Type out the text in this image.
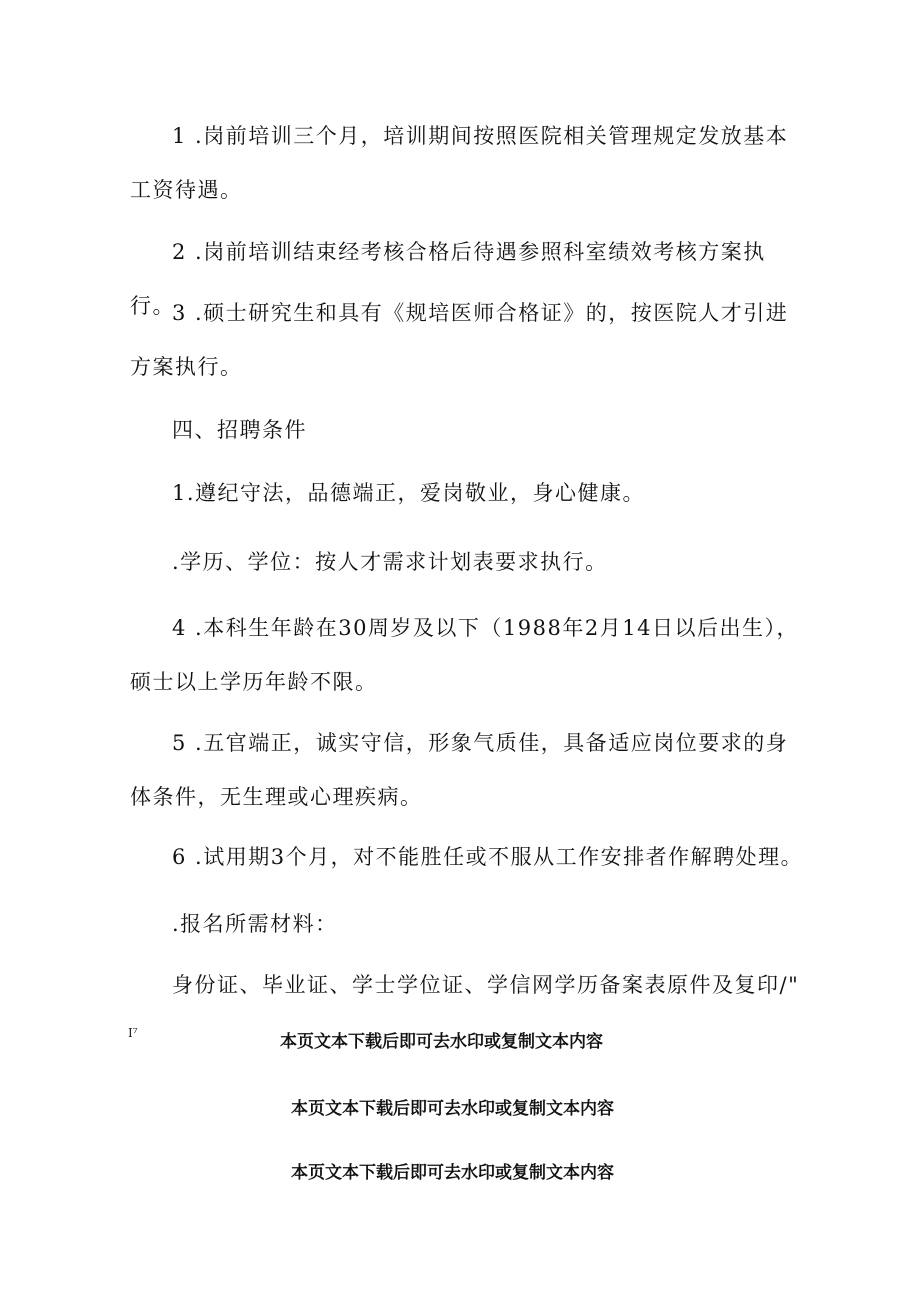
1 .岗前培训三个月，培训期间按照医院相关管理规定发放基本工资待遇。

2 .岗前培训结束经考核合格后待遇参照科室绩效考核方案执行。

3 .硕士研究生和具有《规培医师合格证》的，按医院人才引进方案执行。

四、招聘条件

1.遵纪守法，品德端正，爱岗敬业，身心健康。

.学历、学位：按人才需求计划表要求执行。

4 .本科生年龄在30周岁及以下（1988年2月14日以后出生），硕士以上学历年龄不限。

5 .五官端正，诚实守信，形象气质佳，具备适应岗位要求的身体条件，无生理或心理疾病。

6 .试用期3个月，对不能胜任或不服从工作安排者作解聘处理。

.报名所需材料：

身份证、毕业证、学士学位证、学信网学历备案表原件及复印/"

I⁷	本页文本下载后即可去水印或复制文本内容
本页文本下载后即可去水印或复制文本内容
本页文本下载后即可去水印或复制文本内容
